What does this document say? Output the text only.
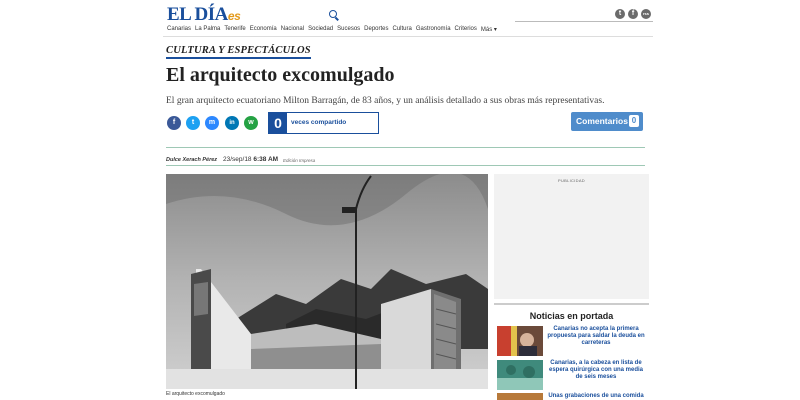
EL DÍAes	t	f	rss
Canarias La Palma Tenerife Economía Nacional Sociedad Sucesos Deportes Cultura Gastronomía Criterios Más ▾
CULTURA Y ESPECTÁCULOS
El arquitecto excomulgado

El gran arquitecto ecuatoriano Milton Barragán, de 83 años, y un análisis detallado a sus obras más representativas.

f	t	m	in	w	0	veces compartido	Comentarios 0
Dulce Xerach Pérez 23/sep/18 6:38 AM Edición Impresa
El arquitecto excomulgado
PUBLICIDAD
Noticias en portada
Canarias no acepta la primera propuesta para saldar la deuda en carreteras
Canarias, a la cabeza en lista de espera quirúrgica con una media de seis meses
Unas grabaciones de una comida
